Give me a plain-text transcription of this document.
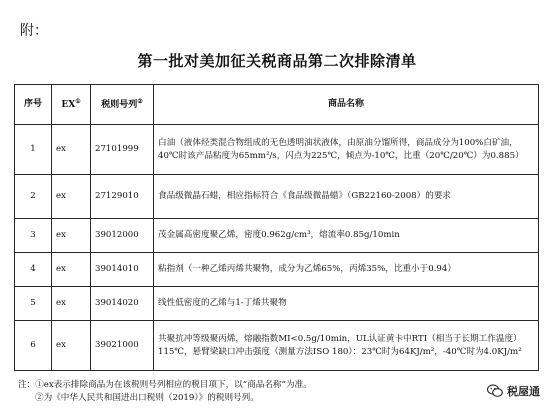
附：
第一批对美加征关税商品第二次排除清单
序号	EX①	税则号列②	商品名称
1	ex	27101999	白油（液体烃类混合物组成的无色透明油状液体，由原油分馏所得，商品成分为100%白矿油，40℃时该产品粘度为65mm²/s，闪点为225℃，倾点为-10℃，比重（20℃/20℃）为0.885）
2	ex	27129010	食品级微晶石蜡，相应指标符合《食品级微晶蜡》（GB22160-2008）的要求
3	ex	39012000	茂金属高密度聚乙烯，密度0.962g/cm³，熔流率0.85g/10min
4	ex	39014010	粘指剂（一种乙烯丙烯共聚物，成分为乙烯65%，丙烯35%，比重小于0.94）
5	ex	39014020	线性低密度的乙烯与1-丁烯共聚物
6	ex	39021000	共聚抗冲等级聚丙烯，熔融指数MI<0.5g/10min，UL认证黄卡中RTI（相当于长期工作温度）115℃，悬臂梁缺口冲击强度（测量方法ISO 180）：23℃时为64KJ/m²，-40℃时为4.0KJ/m²
注：①ex表示排除商品为在该税则号列相应的税目项下，以“商品名称”为准。
②为《中华人民共和国进出口税则（2019）》的税则号列。	税屋通
